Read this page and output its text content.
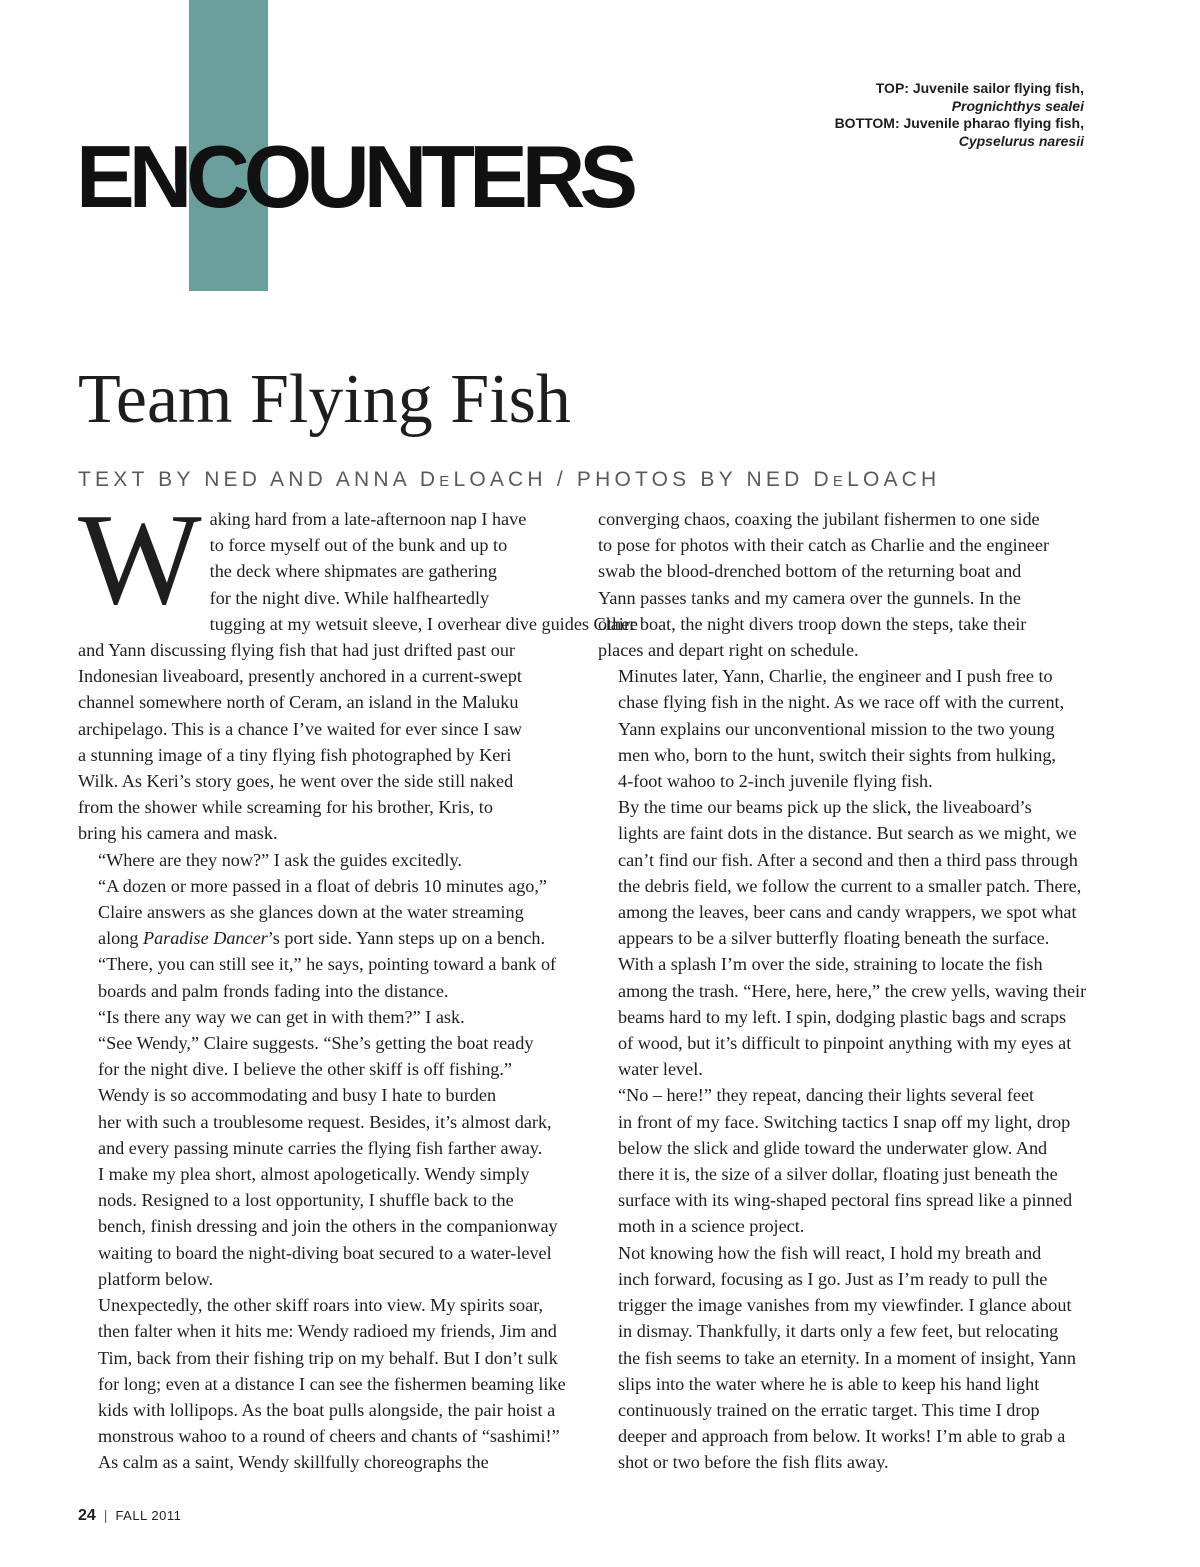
ENCOUNTERS
TOP: Juvenile sailor flying fish,
Prognichthys sealei
BOTTOM: Juvenile pharao flying fish,
Cypselurus naresii
Team Flying Fish
TEXT BY NED AND ANNA DELOACH / PHOTOS BY NED DELOACH

W aking hard from a late-afternoon nap I have
to force myself out of the bunk and up to
the deck where shipmates are gathering
for the night dive. While halfheartedly
tugging at my wetsuit sleeve, I overhear dive guides Claire
and Yann discussing flying fish that had just drifted past our
Indonesian liveaboard, presently anchored in a current-swept
channel somewhere north of Ceram, an island in the Maluku
archipelago. This is a chance I’ve waited for ever since I saw
a stunning image of a tiny flying fish photographed by Keri
Wilk. As Keri’s story goes, he went over the side still naked
from the shower while screaming for his brother, Kris, to
bring his camera and mask.

“Where are they now?” I ask the guides excitedly.

“A dozen or more passed in a float of debris 10 minutes ago,”
Claire answers as she glances down at the water streaming
along Paradise Dancer’s port side. Yann steps up on a bench.
“There, you can still see it,” he says, pointing toward a bank of
boards and palm fronds fading into the distance.

“Is there any way we can get in with them?” I ask.

“See Wendy,” Claire suggests. “She’s getting the boat ready
for the night dive. I believe the other skiff is off fishing.”

Wendy is so accommodating and busy I hate to burden
her with such a troublesome request. Besides, it’s almost dark,
and every passing minute carries the flying fish farther away.
I make my plea short, almost apologetically. Wendy simply
nods. Resigned to a lost opportunity, I shuffle back to the
bench, finish dressing and join the others in the companionway
waiting to board the night-diving boat secured to a water-level
platform below.

Unexpectedly, the other skiff roars into view. My spirits soar,
then falter when it hits me: Wendy radioed my friends, Jim and
Tim, back from their fishing trip on my behalf. But I don’t sulk
for long; even at a distance I can see the fishermen beaming like
kids with lollipops. As the boat pulls alongside, the pair hoist a
monstrous wahoo to a round of cheers and chants of “sashimi!”

As calm as a saint, Wendy skillfully choreographs the

converging chaos, coaxing the jubilant fishermen to one side
to pose for photos with their catch as Charlie and the engineer
swab the blood-drenched bottom of the returning boat and
Yann passes tanks and my camera over the gunnels. In the
other boat, the night divers troop down the steps, take their
places and depart right on schedule.

Minutes later, Yann, Charlie, the engineer and I push free to
chase flying fish in the night. As we race off with the current,
Yann explains our unconventional mission to the two young
men who, born to the hunt, switch their sights from hulking,
4-foot wahoo to 2-inch juvenile flying fish.

By the time our beams pick up the slick, the liveaboard’s
lights are faint dots in the distance. But search as we might, we
can’t find our fish. After a second and then a third pass through
the debris field, we follow the current to a smaller patch. There,
among the leaves, beer cans and candy wrappers, we spot what
appears to be a silver butterfly floating beneath the surface.

With a splash I’m over the side, straining to locate the fish
among the trash. “Here, here, here,” the crew yells, waving their
beams hard to my left. I spin, dodging plastic bags and scraps
of wood, but it’s difficult to pinpoint anything with my eyes at
water level.

“No – here!” they repeat, dancing their lights several feet
in front of my face. Switching tactics I snap off my light, drop
below the slick and glide toward the underwater glow. And
there it is, the size of a silver dollar, floating just beneath the
surface with its wing-shaped pectoral fins spread like a pinned
moth in a science project.

Not knowing how the fish will react, I hold my breath and
inch forward, focusing as I go. Just as I’m ready to pull the
trigger the image vanishes from my viewfinder. I glance about
in dismay. Thankfully, it darts only a few feet, but relocating
the fish seems to take an eternity. In a moment of insight, Yann
slips into the water where he is able to keep his hand light
continuously trained on the erratic target. This time I drop
deeper and approach from below. It works! I’m able to grab a
shot or two before the fish flits away.

24 | FALL 2011
